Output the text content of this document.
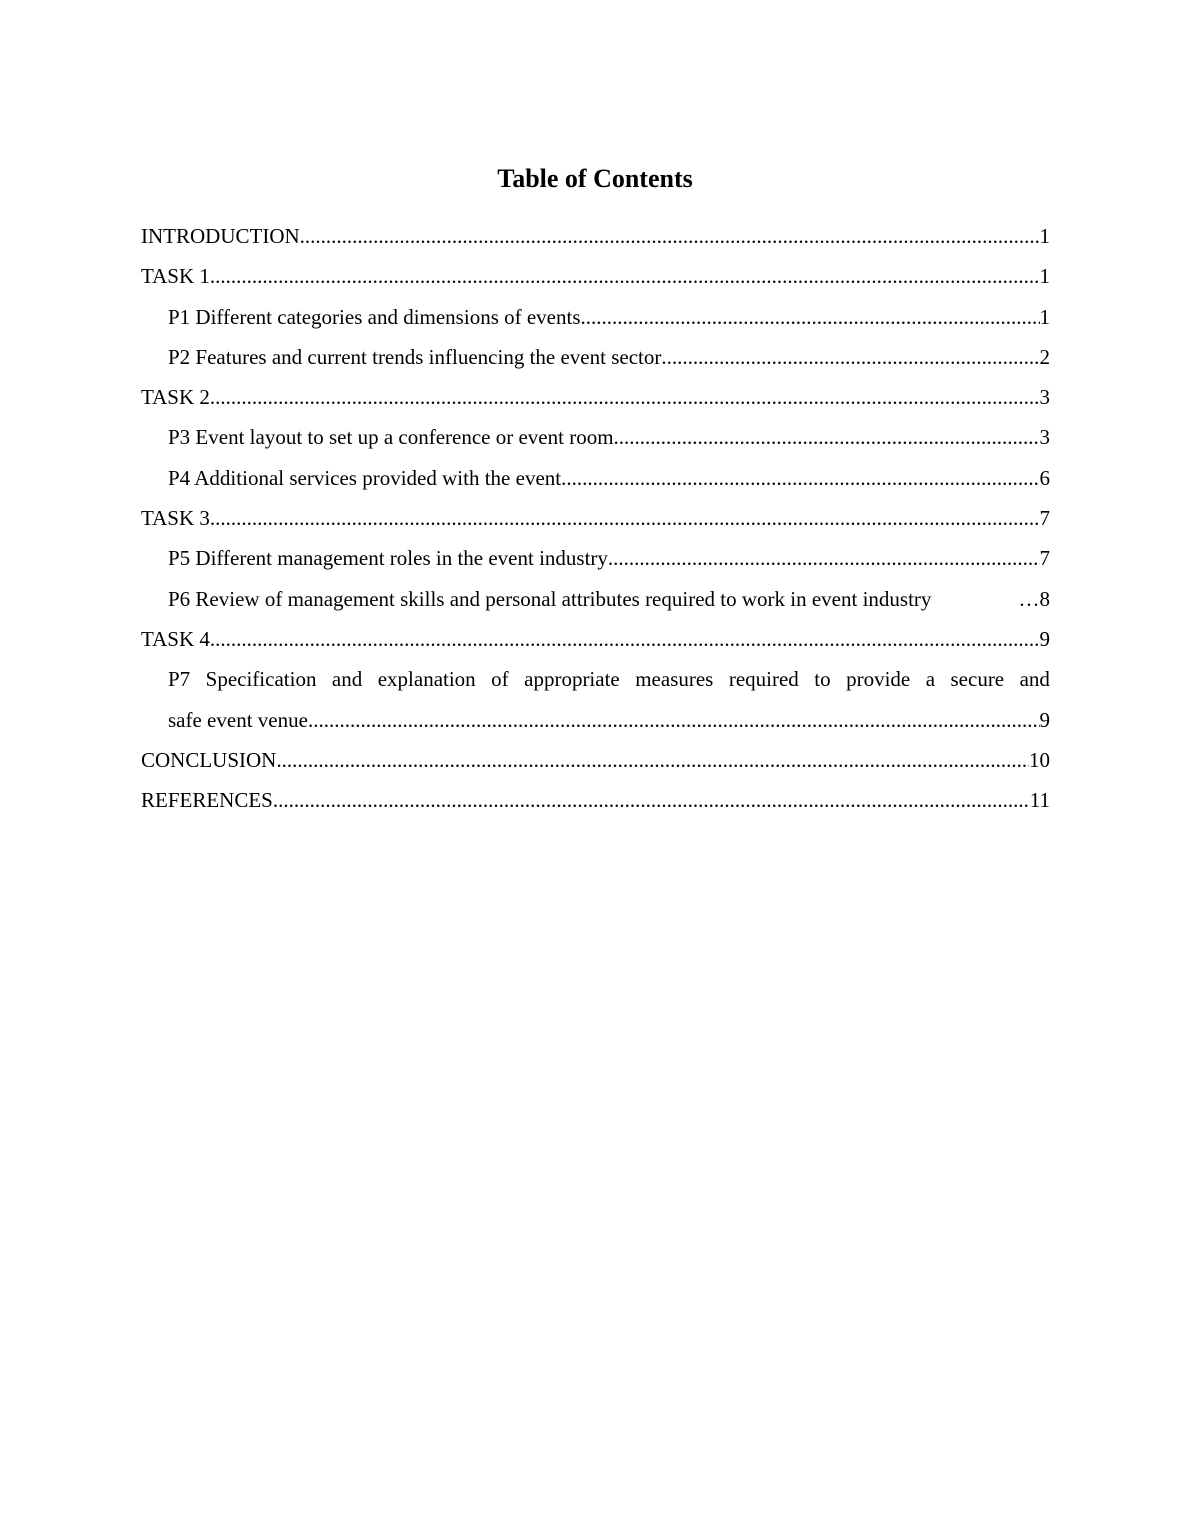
Table of Contents
INTRODUCTION .....	1
TASK 1 .....	1
P1 Different categories and dimensions of events .....	1
P2 Features and current trends influencing the event sector .....	2
TASK 2 .....	3
P3 Event layout to set up a conference or event room .....	3
P4 Additional services provided with the event .....	6
TASK 3 .....	7
P5 Different management roles in the event industry .....	7
P6 Review of management skills and personal attributes required to work in event industry …	8
TASK 4 .....	9
P7 Specification and explanation of appropriate measures required to provide a secure and
safe event venue .....	9
CONCLUSION .....	10
REFERENCES .....	11
